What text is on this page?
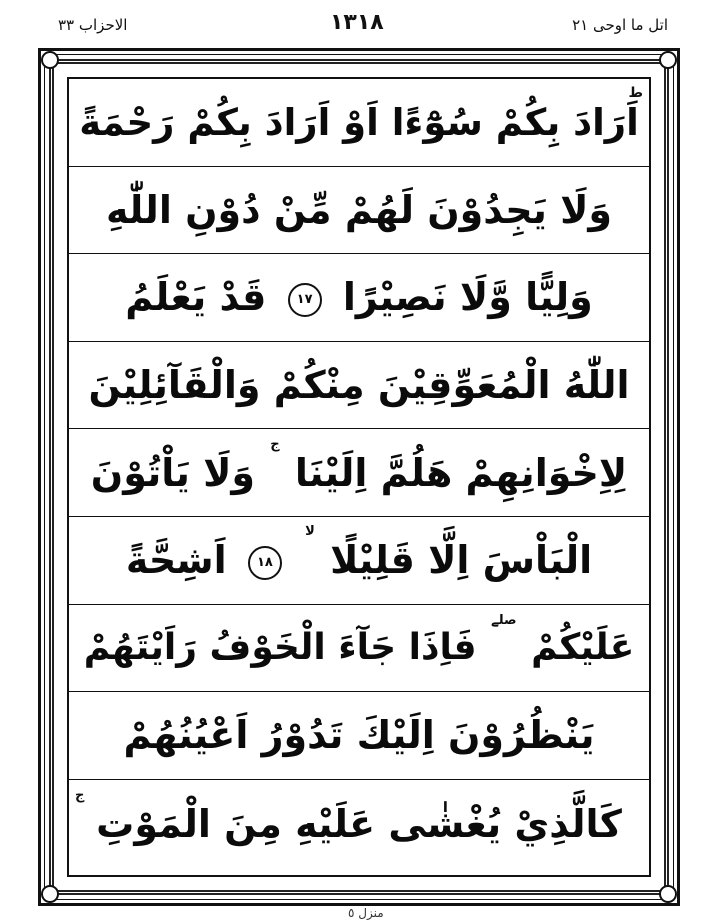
الاحزاب ٣٣	١٣١٨	اتل ما اوحی ٢١
ط
اَرَادَ بِكُمْ سُوْٓءًا اَوْ اَرَادَ بِكُمْ رَحْمَةً
وَلَا يَجِدُوْنَ لَهُمْ مِّنْ دُوْنِ اللّٰهِ
وَلِيًّا وَّلَا نَصِيْرًا ١٧ قَدْ يَعْلَمُ
اللّٰهُ الْمُعَوِّقِيْنَ مِنْكُمْ وَالْقَآئِلِيْنَ
لِاِخْوَانِهِمْ هَلُمَّ اِلَيْنَا ج وَلَا يَاْتُوْنَ
الْبَاْسَ اِلَّا قَلِيْلًا لا ١٨ اَشِحَّةً
عَلَيْكُمْ صلے فَاِذَا جَآءَ الْخَوْفُ رَاَيْتَهُمْ
يَنْظُرُوْنَ اِلَيْكَ تَدُوْرُ اَعْيُنُهُمْ
ج
كَالَّذِيْ يُغْشٰى عَلَيْهِ مِنَ الْمَوْتِ
منزل ٥
